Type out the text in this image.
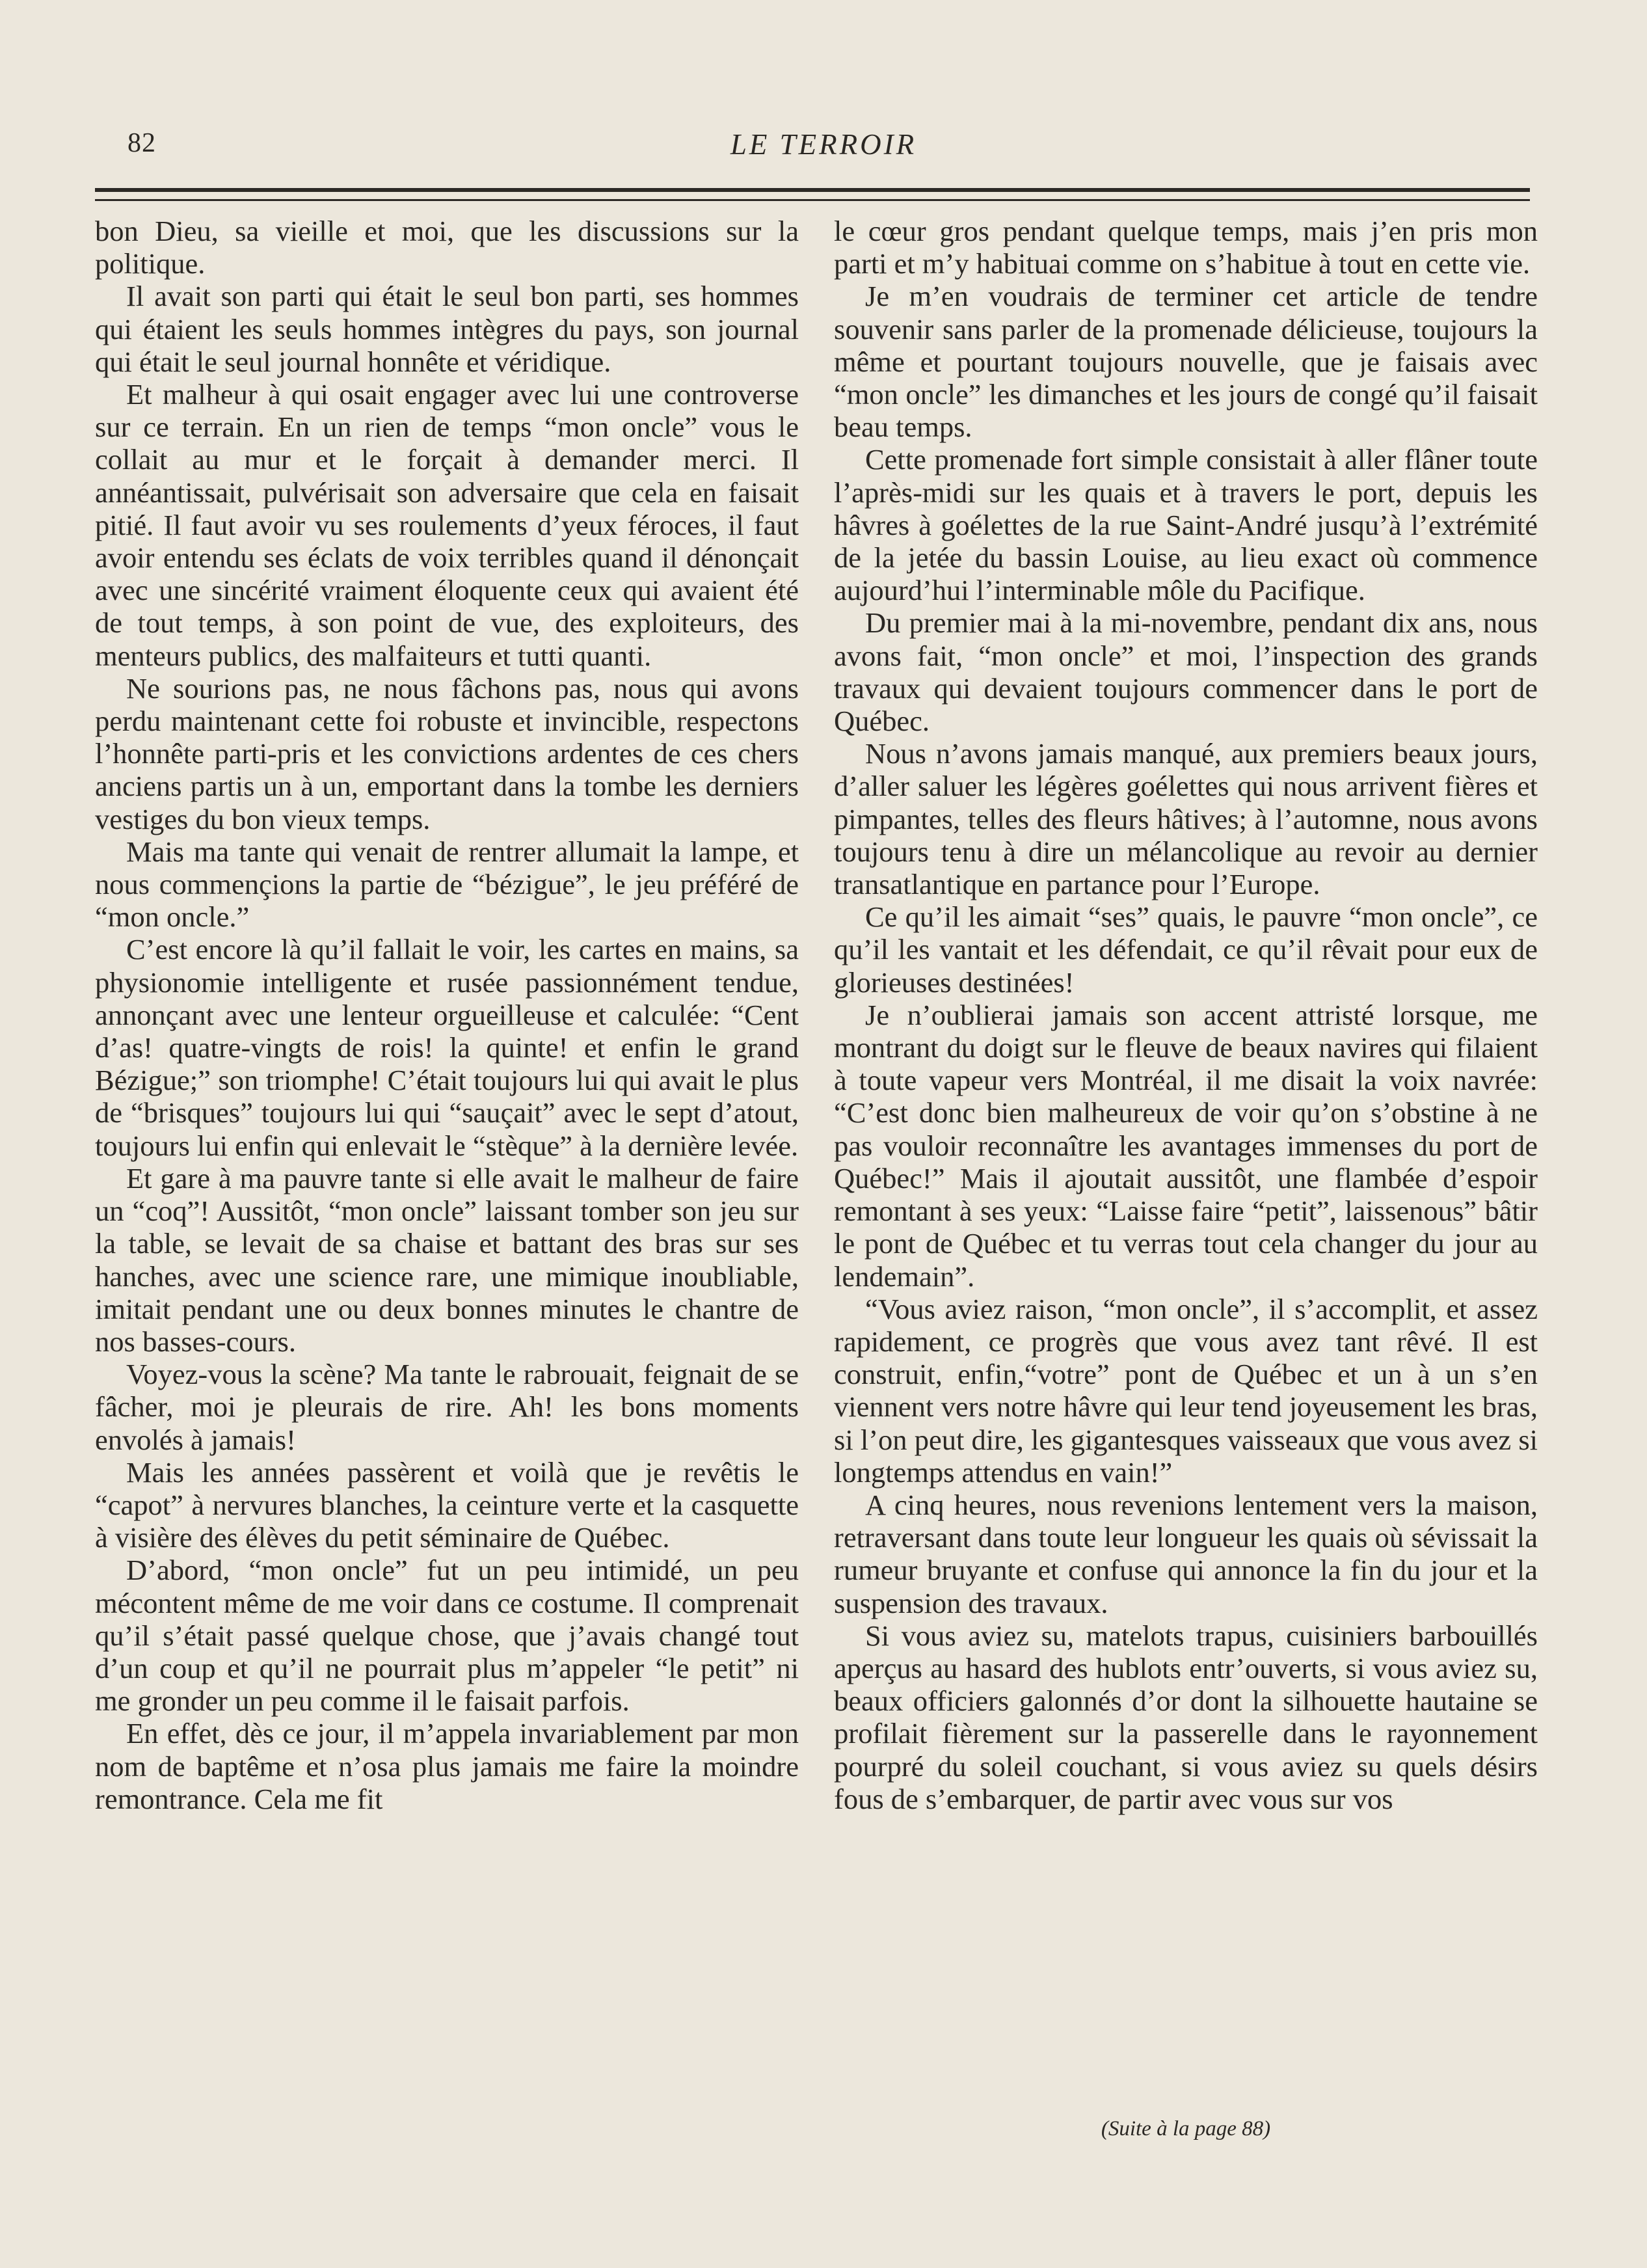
82	LE TERROIR

bon Dieu, sa vieille et moi, que les discussions sur la politique.

Il avait son parti qui était le seul bon parti, ses hommes qui étaient les seuls hommes intègres du pays, son journal qui était le seul journal honnête et véridique.

Et malheur à qui osait engager avec lui une controverse sur ce terrain. En un rien de temps “mon oncle” vous le collait au mur et le forçait à demander merci. Il annéantissait, pulvérisait son adversaire que cela en faisait pitié. Il faut avoir vu ses roulements d’yeux féroces, il faut avoir entendu ses éclats de voix terribles quand il dénonçait avec une sincérité vraiment éloquente ceux qui avaient été de tout temps, à son point de vue, des exploiteurs, des menteurs publics, des malfaiteurs et tutti quanti.

Ne sourions pas, ne nous fâchons pas, nous qui avons perdu maintenant cette foi robuste et invincible, respectons l’honnête parti-pris et les convictions ardentes de ces chers anciens partis un à un, emportant dans la tombe les derniers vestiges du bon vieux temps.

Mais ma tante qui venait de rentrer allumait la lampe, et nous commençions la partie de “bézigue”, le jeu préféré de “mon oncle.”

C’est encore là qu’il fallait le voir, les cartes en mains, sa physionomie intelligente et rusée passionnément tendue, annonçant avec une lenteur orgueilleuse et calculée: “Cent d’as! quatre-vingts de rois! la quinte! et enfin le grand Bézigue;” son triomphe! C’était toujours lui qui avait le plus de “brisques” toujours lui qui “sauçait” avec le sept d’atout, toujours lui enfin qui enlevait le “stèque” à la dernière levée.

Et gare à ma pauvre tante si elle avait le malheur de faire un “coq”! Aussitôt, “mon oncle” laissant tomber son jeu sur la table, se levait de sa chaise et battant des bras sur ses hanches, avec une science rare, une mimique inoubliable, imitait pendant une ou deux bonnes minutes le chantre de nos basses-cours.

Voyez-vous la scène? Ma tante le rabrouait, feignait de se fâcher, moi je pleurais de rire. Ah! les bons moments envolés à jamais!

Mais les années passèrent et voilà que je revêtis le “capot” à nervures blanches, la ceinture verte et la casquette à visière des élèves du petit séminaire de Québec.

D’abord, “mon oncle” fut un peu intimidé, un peu mécontent même de me voir dans ce costume. Il comprenait qu’il s’était passé quelque chose, que j’avais changé tout d’un coup et qu’il ne pourrait plus m’appeler “le petit” ni me gronder un peu comme il le faisait parfois.

En effet, dès ce jour, il m’appela invariablement par mon nom de baptême et n’osa plus jamais me faire la moindre remontrance. Cela me fit

le cœur gros pendant quelque temps, mais j’en pris mon parti et m’y habituai comme on s’habitue à tout en cette vie.

Je m’en voudrais de terminer cet article de tendre souvenir sans parler de la promenade délicieuse, toujours la même et pourtant toujours nouvelle, que je faisais avec “mon oncle” les dimanches et les jours de congé qu’il faisait beau temps.

Cette promenade fort simple consistait à aller flâner toute l’après-midi sur les quais et à travers le port, depuis les hâvres à goélettes de la rue Saint-André jusqu’à l’extrémité de la jetée du bassin Louise, au lieu exact où commence aujourd’hui l’interminable môle du Pacifique.

Du premier mai à la mi-novembre, pendant dix ans, nous avons fait, “mon oncle” et moi, l’inspection des grands travaux qui devaient toujours commencer dans le port de Québec.

Nous n’avons jamais manqué, aux premiers beaux jours, d’aller saluer les légères goélettes qui nous arrivent fières et pimpantes, telles des fleurs hâtives; à l’automne, nous avons toujours tenu à dire un mélancolique au revoir au dernier transatlantique en partance pour l’Europe.

Ce qu’il les aimait “ses” quais, le pauvre “mon oncle”, ce qu’il les vantait et les défendait, ce qu’il rêvait pour eux de glorieuses destinées!

Je n’oublierai jamais son accent attristé lorsque, me montrant du doigt sur le fleuve de beaux navires qui filaient à toute vapeur vers Montréal, il me disait la voix navrée: “C’est donc bien malheureux de voir qu’on s’obstine à ne pas vouloir reconnaître les avantages immenses du port de Québec!” Mais il ajoutait aussitôt, une flambée d’espoir remontant à ses yeux: “Laisse faire “petit”, laissenous” bâtir le pont de Québec et tu verras tout cela changer du jour au lendemain”.

“Vous aviez raison, “mon oncle”, il s’accomplit, et assez rapidement, ce progrès que vous avez tant rêvé. Il est construit, enfin,“votre” pont de Québec et un à un s’en viennent vers notre hâvre qui leur tend joyeusement les bras, si l’on peut dire, les gigantesques vaisseaux que vous avez si longtemps attendus en vain!”

A cinq heures, nous revenions lentement vers la maison, retraversant dans toute leur longueur les quais où sévissait la rumeur bruyante et confuse qui annonce la fin du jour et la suspension des travaux.

Si vous aviez su, matelots trapus, cuisiniers barbouillés aperçus au hasard des hublots entr’ouverts, si vous aviez su, beaux officiers galonnés d’or dont la silhouette hautaine se profilait fièrement sur la passerelle dans le rayonnement pourpré du soleil couchant, si vous aviez su quels désirs fous de s’embarquer, de partir avec vous sur vos

(Suite à la page 88)
